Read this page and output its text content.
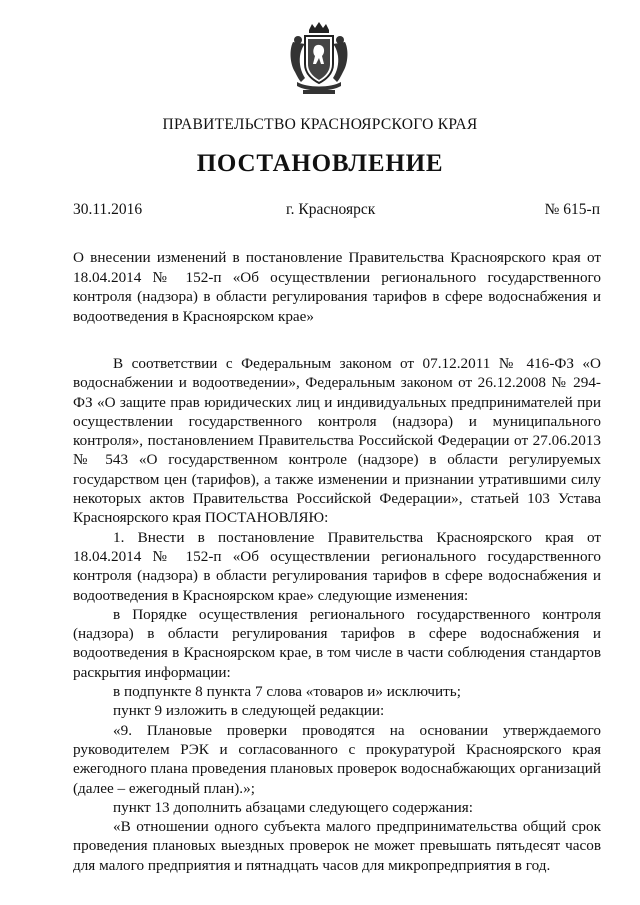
ПРАВИТЕЛЬСТВО КРАСНОЯРСКОГО КРАЯ
ПОСТАНОВЛЕНИЕ
30.11.2016	г. Красноярск	№ 615-п
О внесении изменений в постановление Правительства Красноярского края от 18.04.2014 № 152-п «Об осуществлении регионального государственного контроля (надзора) в области регулирования тарифов в сфере водоснабжения и водоотведения в Красноярском крае»

В соответствии с Федеральным законом от 07.12.2011 № 416-ФЗ «О водоснабжении и водоотведении», Федеральным законом от 26.12.2008 № 294-ФЗ «О защите прав юридических лиц и индивидуальных предпринимателей при осуществлении государственного контроля (надзора) и муниципального контроля», постановлением Правительства Российской Федерации от 27.06.2013 № 543 «О государственном контроле (надзоре) в области регулируемых государством цен (тарифов), а также изменении и признании утратившими силу некоторых актов Правительства Российской Федерации», статьей 103 Устава Красноярского края ПОСТАНОВЛЯЮ:

1. Внести в постановление Правительства Красноярского края от 18.04.2014 № 152-п «Об осуществлении регионального государственного контроля (надзора) в области регулирования тарифов в сфере водоснабжения и водоотведения в Красноярском крае» следующие изменения:

в Порядке осуществления регионального государственного контроля (надзора) в области регулирования тарифов в сфере водоснабжения и водоотведения в Красноярском крае, в том числе в части соблюдения стандартов раскрытия информации:

в подпункте 8 пункта 7 слова «товаров и» исключить;

пункт 9 изложить в следующей редакции:

«9. Плановые проверки проводятся на основании утверждаемого руководителем РЭК и согласованного с прокуратурой Красноярского края ежегодного плана проведения плановых проверок водоснабжающих организаций (далее – ежегодный план).»;

пункт 13 дополнить абзацами следующего содержания:

«В отношении одного субъекта малого предпринимательства общий срок проведения плановых выездных проверок не может превышать пятьдесят часов для малого предприятия и пятнадцать часов для микропредприятия в год.
